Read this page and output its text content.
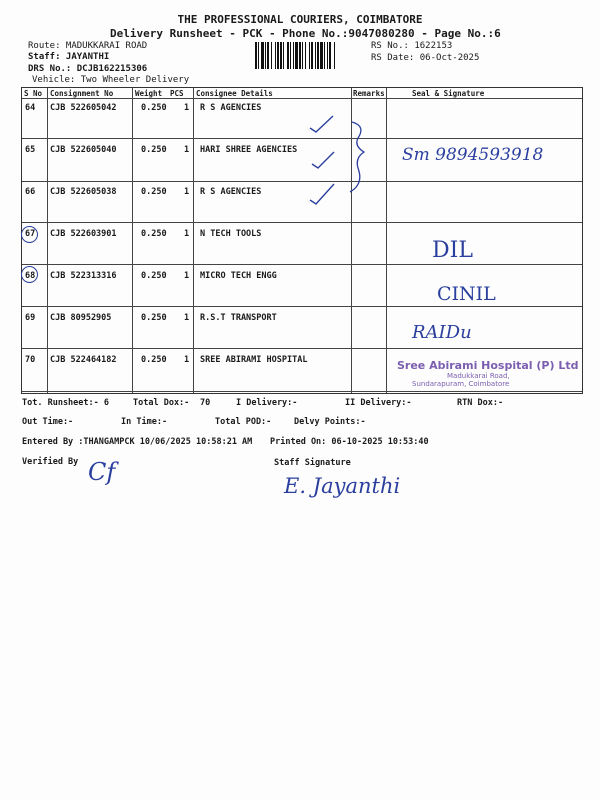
THE PROFESSIONAL COURIERS, COIMBATORE
Delivery Runsheet - PCK - Phone No.:9047080280 - Page No.:6
Route: MADUKKARAI ROAD
Staff: JAYANTHI
DRS No.: DCJB162215306
Vehicle: Two Wheeler Delivery
RS No.: 1622153
RS Date: 06-Oct-2025
S No Consignment No	Weight PCS Consignee Details	Remarks	Seal & Signature
64 CJB 522605042	0.250 1 R S AGENCIES
65 CJB 522605040	0.250 1 HARI SHREE AGENCIES
66 CJB 522605038	0.250 1 R S AGENCIES
67 CJB 522603901	0.250 1 N TECH TOOLS
68 CJB 522313316	0.250 1 MICRO TECH ENGG
69 CJB 80952905	0.250 1 R.S.T TRANSPORT
70 CJB 522464182	0.250 1 SREE ABIRAMI HOSPITAL
Sm 9894593918
DIL
CINIL
RAIDu
Sree Abirami Hospital (P) Ltd
Madukkarai Road,
Sundarapuram, Coimbatore
Tot. Runsheet:- 6	Total Dox:- 70	I Delivery:-	II Delivery:-	RTN Dox:-
Out Time:-	In Time:-	Total POD:-	Delvy Points:-
Entered By :THANGAMPCK 10/06/2025 10:58:21 AM Printed On: 06-10-2025 10:53:40
Verified By	Staff Signature
Cf	E. Jayanthi
